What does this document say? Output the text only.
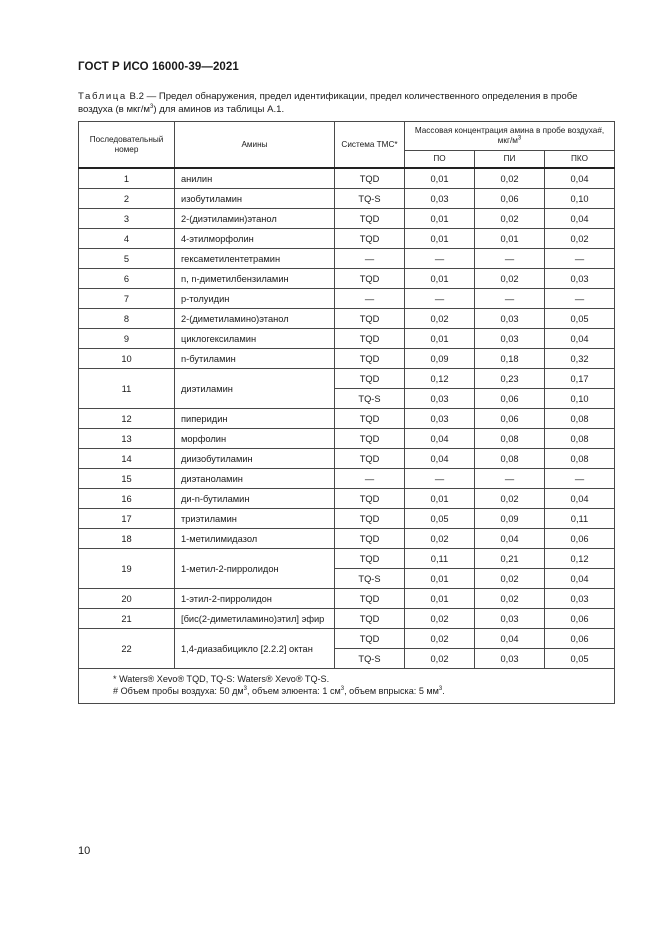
ГОСТ Р ИСО 16000-39—2021
Таблица В.2 — Предел обнаружения, предел идентификации, предел количественного определения в пробе воздуха (в мкг/$м^3$) для аминов из таблицы А.1.
Последовательный номер	Амины	Система ТМС*	Массовая концентрация амина в пробе воздуха#, мкг/$м^3$
			ПО	ПИ	ПКО
1	анилин	TQD	0,01	0,02	0,04
2	изобутиламин	TQ-S	0,03	0,06	0,10
3	2-(диэтиламин)этанол	TQD	0,01	0,02	0,04
4	4-этилморфолин	TQD	0,01	0,01	0,02
5	гексаметилентетрамин	—	—	—	—
6	n, n-диметилбензиламин	TQD	0,01	0,02	0,03
7	р-толуидин	—	—	—	—
8	2-(диметиламино)этанол	TQD	0,02	0,03	0,05
9	циклогексиламин	TQD	0,01	0,03	0,04
10	n-бутиламин	TQD	0,09	0,18	0,32
11	диэтиламин	TQD	0,12	0,23	0,17
		TQ-S	0,03	0,06	0,10
12	пиперидин	TQD	0,03	0,06	0,08
13	морфолин	TQD	0,04	0,08	0,08
14	диизобутиламин	TQD	0,04	0,08	0,08
15	диэтаноламин	—	—	—	—
16	ди-n-бутиламин	TQD	0,01	0,02	0,04
17	триэтиламин	TQD	0,05	0,09	0,11
18	1-метилимидазол	TQD	0,02	0,04	0,06
19	1-метил-2-пирролидон	TQD	0,11	0,21	0,12
		TQ-S	0,01	0,02	0,04
20	1-этил-2-пирролидон	TQD	0,01	0,02	0,03
21	[бис(2-диметиламино)этил] эфир	TQD	0,02	0,03	0,06
22	1,4-диазабицикло [2.2.2] октан	TQD	0,02	0,04	0,06
		TQ-S	0,02	0,03	0,05

* Waters® Xevo® TQD, TQ-S: Waters® Xevo® TQ-S.
# Объем пробы воздуха: 50 $дм^3$, объем элюента: 1 $см^3$, объем впрыска: 5 $мм^3$.					
10
